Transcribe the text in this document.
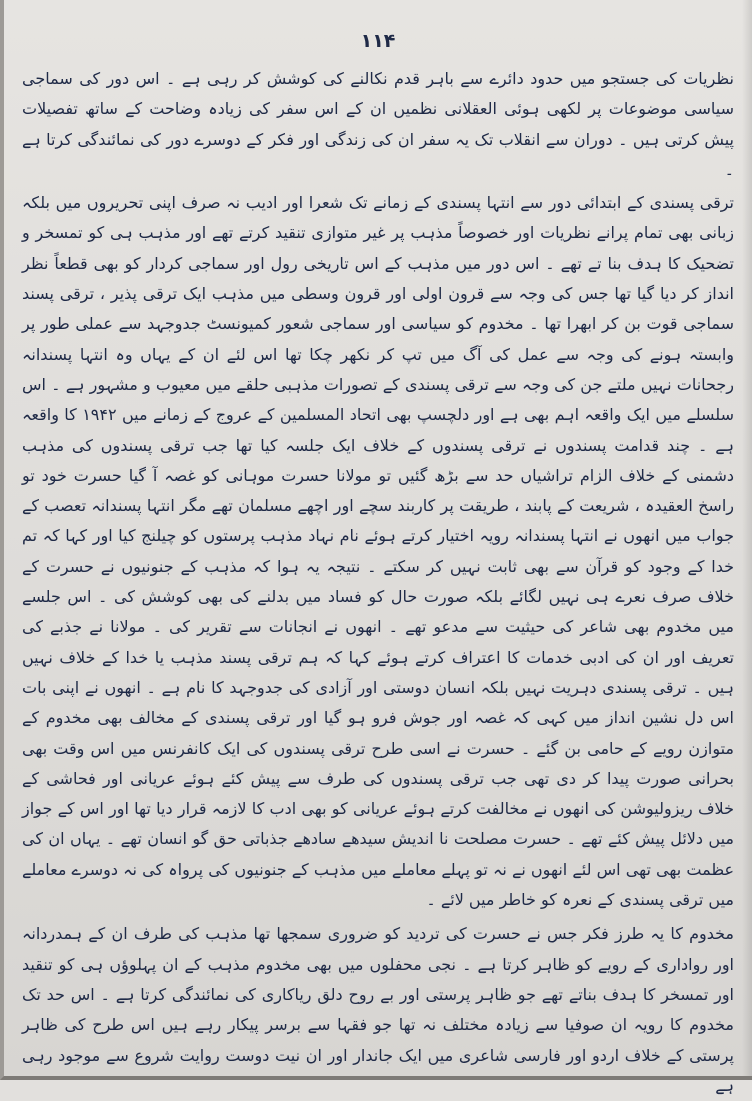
۱۱۴

نظریات کی جستجو میں حدود دائرے سے باہر قدم نکالنے کی کوشش کر رہی ہے ۔ اس دور کی سماجی سیاسی موضوعات پر لکھی ہوئی العقلانی نظمیں ان کے اس سفر کی زیادہ وضاحت کے ساتھ تفصیلات پیش کرتی ہیں ۔ دوران سے انقلاب تک یہ سفر ان کی زندگی اور فکر کے دوسرے دور کی نمائندگی کرتا ہے ۔

ترقی پسندی کے ابتدائی دور سے انتہا پسندی کے زمانے تک شعرا اور ادیب نہ صرف اپنی تحریروں میں بلکہ زبانی بھی تمام پرانے نظریات اور خصوصاً مذہب پر غیر متوازی تنقید کرتے تھے اور مذہب ہی کو تمسخر و تضحیک کا ہدف بنا تے تھے ۔ اس دور میں مذہب کے اس تاریخی رول اور سماجی کردار کو بھی قطعاً نظر انداز کر دیا گیا تھا جس کی وجہ سے قرون اولی اور قرون وسطی میں مذہب ایک ترقی پذیر ، ترقی پسند سماجی قوت بن کر ابھرا تھا ۔ مخدوم کو سیاسی اور سماجی شعور کمیونسٹ جدوجہد سے عملی طور پر وابستہ ہونے کی وجہ سے عمل کی آگ میں تپ کر نکھر چکا تھا اس لئے ان کے یہاں وہ انتہا پسندانہ رجحانات نہیں ملتے جن کی وجہ سے ترقی پسندی کے تصورات مذہبی حلقے میں معیوب و مشہور ہے ۔ اس سلسلے میں ایک واقعہ اہم بھی ہے اور دلچسپ بھی اتحاد المسلمین کے عروج کے زمانے میں ۱۹۴۲ کا واقعہ ہے ۔ چند قدامت پسندوں نے ترقی پسندوں کے خلاف ایک جلسہ کیا تھا جب ترقی پسندوں کی مذہب دشمنی کے خلاف الزام تراشیاں حد سے بڑھ گئیں تو مولانا حسرت موہانی کو غصہ آ گیا حسرت خود تو راسخ العقیدہ ، شریعت کے پابند ، طریقت پر کاربند سچے اور اچھے مسلمان تھے مگر انتہا پسندانہ تعصب کے جواب میں انھوں نے انتہا پسندانہ رویہ اختیار کرتے ہوئے نام نہاد مذہب پرستوں کو چیلنج کیا اور کہا کہ تم خدا کے وجود کو قرآن سے بھی ثابت نہیں کر سکتے ۔ نتیجہ یہ ہوا کہ مذہب کے جنونیوں نے حسرت کے خلاف صرف نعرے ہی نہیں لگائے بلکہ صورت حال کو فساد میں بدلنے کی بھی کوشش کی ۔ اس جلسے میں مخدوم بھی شاعر کی حیثیت سے مدعو تھے ۔ انھوں نے انجانات سے تقریر کی ۔ مولانا نے جذبے کی تعریف اور ان کی ادبی خدمات کا اعتراف کرتے ہوئے کہا کہ ہم ترقی پسند مذہب یا خدا کے خلاف نہیں ہیں ۔ ترقی پسندی دہریت نہیں بلکہ انسان دوستی اور آزادی کی جدوجہد کا نام ہے ۔ انھوں نے اپنی بات اس دل نشین انداز میں کہی کہ غصہ اور جوش فرو ہو گیا اور ترقی پسندی کے مخالف بھی مخدوم کے متوازن رویے کے حامی بن گئے ۔ حسرت نے اسی طرح ترقی پسندوں کی ایک کانفرنس میں اس وقت بھی بحرانی صورت پیدا کر دی تھی جب ترقی پسندوں کی طرف سے پیش کئے ہوئے عریانی اور فحاشی کے خلاف ریزولیوشن کی انھوں نے مخالفت کرتے ہوئے عریانی کو بھی ادب کا لازمہ قرار دیا تھا اور اس کے جواز میں دلائل پیش کئے تھے ۔ حسرت مصلحت نا اندیش سیدھے سادھے جذباتی حق گو انسان تھے ۔ یہاں ان کی عظمت بھی تھی اس لئے انھوں نے نہ تو پہلے معاملے میں مذہب کے جنونیوں کی پرواہ کی نہ دوسرے معاملے میں ترقی پسندی کے نعرہ کو خاطر میں لائے ۔

مخدوم کا یہ طرز فکر جس نے حسرت کی تردید کو ضروری سمجھا تھا مذہب کی طرف ان کے ہمدردانہ اور رواداری کے رویے کو ظاہر کرتا ہے ۔ نجی محفلوں میں بھی مخدوم مذہب کے ان پہلوؤں ہی کو تنقید اور تمسخر کا ہدف بناتے تھے جو ظاہر پرستی اور بے روح دلق ریاکاری کی نمائندگی کرتا ہے ۔ اس حد تک مخدوم کا رویہ ان صوفیا سے زیادہ مختلف نہ تھا جو فقہا سے برسر پیکار رہے ہیں اس طرح کی ظاہر پرستی کے خلاف اردو اور فارسی شاعری میں ایک جاندار اور ان نیت دوست روایت شروع سے موجود رہی ہے
